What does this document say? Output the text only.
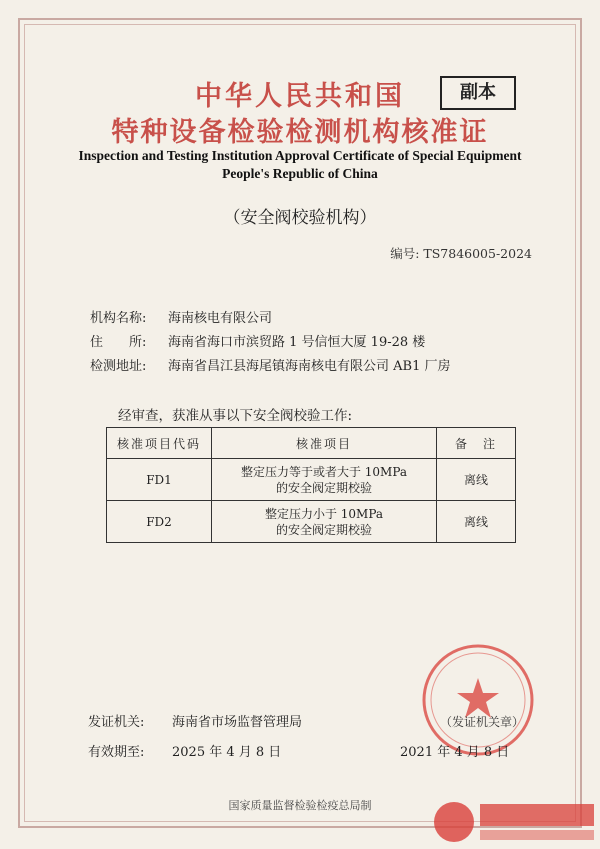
中华人民共和国	副本
特种设备检验检测机构核准证
Inspection and Testing Institution Approval Certificate of Special Equipment
People's Republic of China
（安全阀校验机构）
编号: TS7846005-2024
机构名称: 海南核电有限公司
住　　所: 海南省海口市滨贸路 1 号信恒大厦 19-28 楼
检测地址: 海南省昌江县海尾镇海南核电有限公司 AB1 厂房
经审查，获准从事以下安全阀校验工作:
核准项目代码	核准项目	备　注
FD1	整定压力等于或者大于 10MPa
的安全阀定期校验	离线
FD2	整定压力小于 10MPa
的安全阀定期校验	离线
发证机关: 海南省市场监督管理局	（发证机关章）
有效期至: 2025 年 4 月 8 日	2021 年 4 月 8 日
国家质量监督检验检疫总局制
